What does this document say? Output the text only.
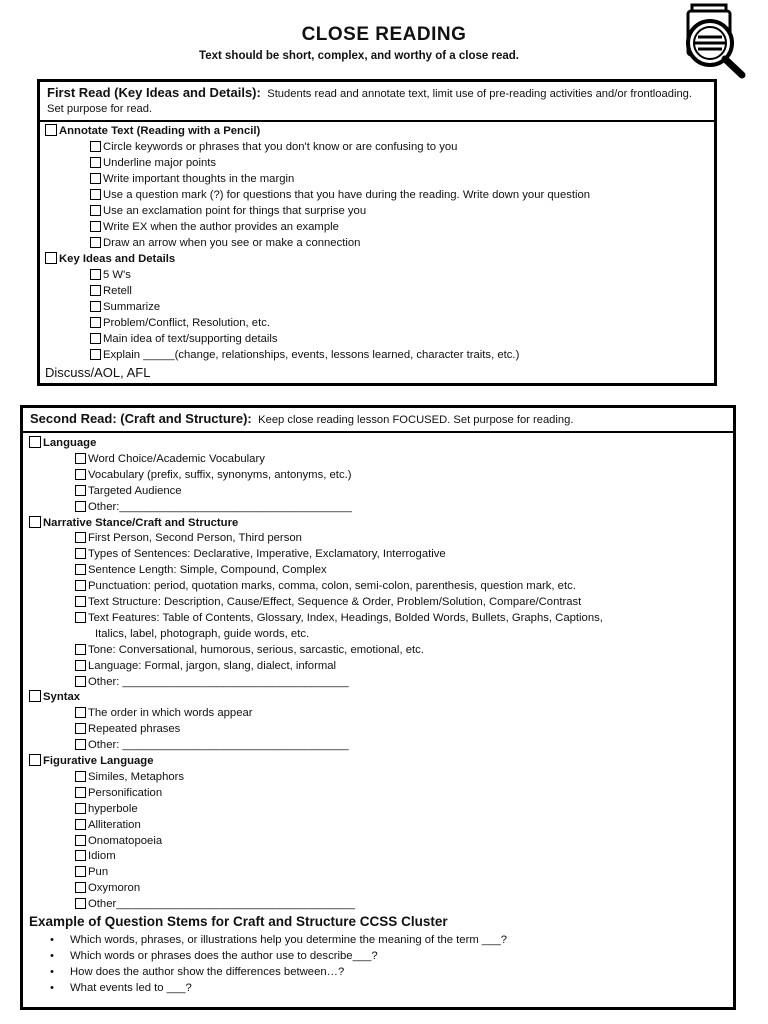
CLOSE READING
Text should be short, complex, and worthy of a close read.
First Read (Key Ideas and Details): Students read and annotate text, limit use of pre-reading activities and/or frontloading. Set purpose for read.
Annotate Text (Reading with a Pencil)
Circle keywords or phrases that you don't know or are confusing to you
Underline major points
Write important thoughts in the margin
Use a question mark (?) for questions that you have during the reading. Write down your question
Use an exclamation point for things that surprise you
Write EX when the author provides an example
Draw an arrow when you see or make a connection
Key Ideas and Details
5 W's
Retell
Summarize
Problem/Conflict, Resolution, etc.
Main idea of text/supporting details
Explain _____(change, relationships, events, lessons learned, character traits, etc.)
Discuss/AOL, AFL
Second Read: (Craft and Structure): Keep close reading lesson FOCUSED. Set purpose for reading.
Language
Word Choice/Academic Vocabulary
Vocabulary (prefix, suffix, synonyms, antonyms, etc.)
Targeted Audience
Other:_____________________________________
Narrative Stance/Craft and Structure
First Person, Second Person, Third person
Types of Sentences: Declarative, Imperative, Exclamatory, Interrogative
Sentence Length: Simple, Compound, Complex
Punctuation: period, quotation marks, comma, colon, semi-colon, parenthesis, question mark, etc.
Text Structure: Description, Cause/Effect, Sequence & Order, Problem/Solution, Compare/Contrast
Text Features: Table of Contents, Glossary, Index, Headings, Bolded Words, Bullets, Graphs, Captions,
Italics, label, photograph, guide words, etc.
Tone: Conversational, humorous, serious, sarcastic, emotional, etc.
Language: Formal, jargon, slang, dialect, informal
Other: ____________________________________
Syntax
The order in which words appear
Repeated phrases
Other: ____________________________________
Figurative Language
Similes, Metaphors
Personification
hyperbole
Alliteration
Onomatopoeia
Idiom
Pun
Oxymoron
Other______________________________________
Example of Question Stems for Craft and Structure CCSS Cluster
• Which words, phrases, or illustrations help you determine the meaning of the term ___?
• Which words or phrases does the author use to describe___?
• How does the author show the differences between…?
• What events led to ___?
